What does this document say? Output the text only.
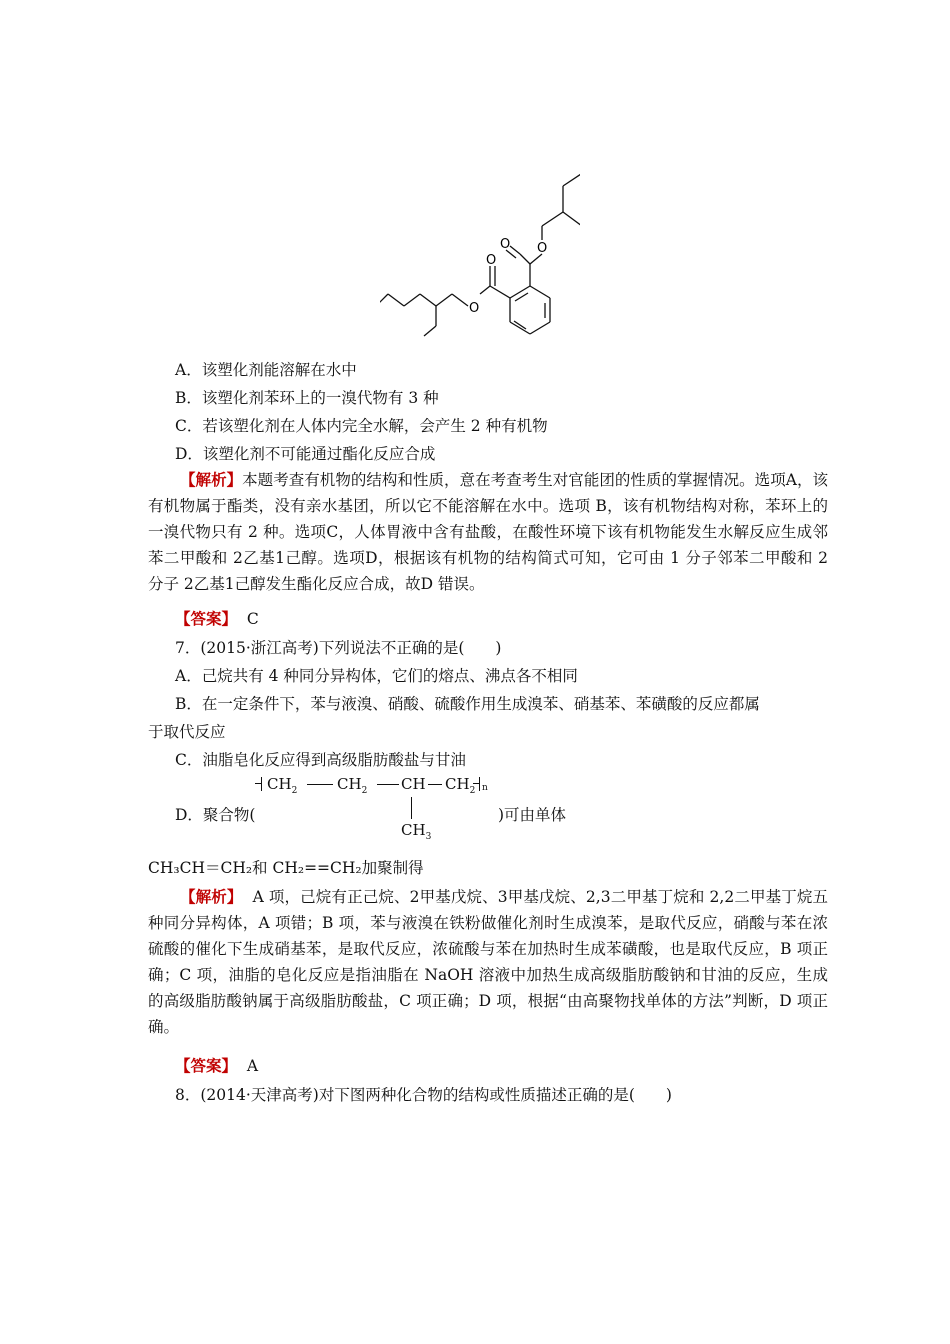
O
O
O
O
A．该塑化剂能溶解在水中
B．该塑化剂苯环上的一溴代物有 3 种
C．若该塑化剂在人体内完全水解，会产生 2 种有机物
D．该塑化剂不可能通过酯化反应合成
【解析】本题考查有机物的结构和性质，意在考查考生对官能团的性质的掌握情况。选项A，该有机物属于酯类，没有亲水基团，所以它不能溶解在水中。选项 B，该有机物结构对称，苯环上的一溴代物只有 2 种。选项C，人体胃液中含有盐酸，在酸性环境下该有机物能发生水解反应生成邻苯二甲酸和 2乙基1己醇。选项D，根据该有机物的结构简式可知，它可由 1 分子邻苯二甲酸和 2 分子 2乙基1己醇发生酯化反应合成，故D 错误。
【答案】 C
7．(2015·浙江高考)下列说法不正确的是(　　)
A．己烷共有 4 种同分异构体，它们的熔点、沸点各不相同
B．在一定条件下，苯与液溴、硝酸、硫酸作用生成溴苯、硝基苯、苯磺酸的反应都属
于取代反应
C．油脂皂化反应得到高级脂肪酸盐与甘油
D．聚合物(	)可由单体
$CH_2$	$CH_2$ CH $CH_2$ n
$CH_3$
CH₃CH＝CH₂和 CH₂==CH₂加聚制得
【解析】 A 项，己烷有正己烷、2甲基戊烷、3甲基戊烷、2,3二甲基丁烷和 2,2二甲基丁烷五种同分异构体，A 项错；B 项，苯与液溴在铁粉做催化剂时生成溴苯，是取代反应，硝酸与苯在浓硫酸的催化下生成硝基苯，是取代反应，浓硫酸与苯在加热时生成苯磺酸，也是取代反应，B 项正确；C 项，油脂的皂化反应是指油脂在 NaOH 溶液中加热生成高级脂肪酸钠和甘油的反应，生成的高级脂肪酸钠属于高级脂肪酸盐，C 项正确；D 项，根据“由高聚物找单体的方法”判断，D 项正确。
【答案】 A
8．(2014·天津高考)对下图两种化合物的结构或性质描述正确的是(　　)
